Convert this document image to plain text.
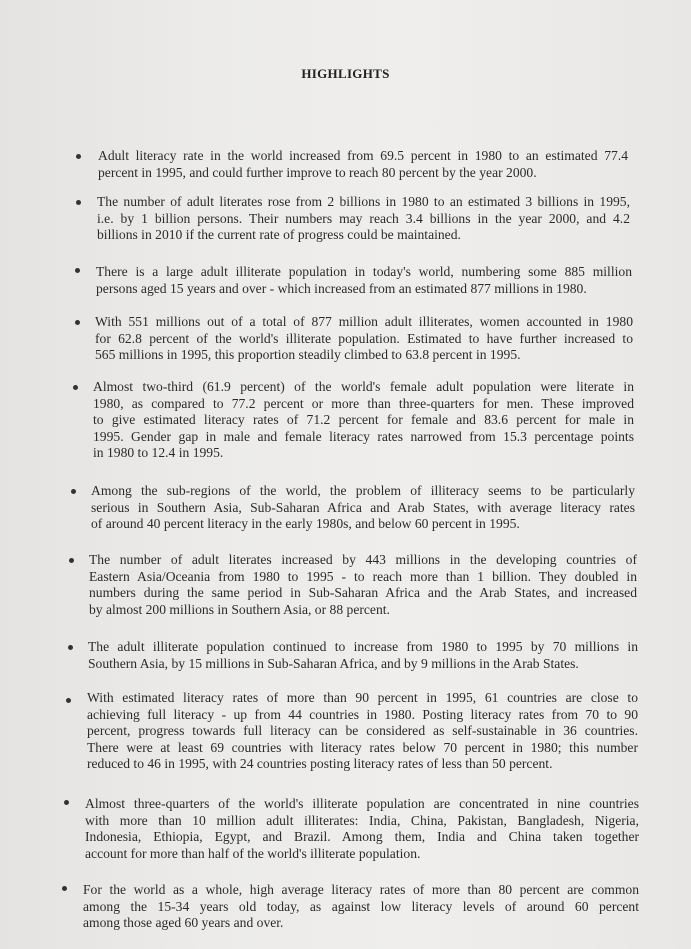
HIGHLIGHTS
Adult literacy rate in the world increased from 69.5 percent in 1980 to an estimated 77.4
percent in 1995, and could further improve to reach 80 percent by the year 2000.
The number of adult literates rose from 2 billions in 1980 to an estimated 3 billions in 1995,
i.e. by 1 billion persons. Their numbers may reach 3.4 billions in the year 2000, and 4.2
billions in 2010 if the current rate of progress could be maintained.
There is a large adult illiterate population in today's world, numbering some 885 million
persons aged 15 years and over - which increased from an estimated 877 millions in 1980.
With 551 millions out of a total of 877 million adult illiterates, women accounted in 1980
for 62.8 percent of the world's illiterate population. Estimated to have further increased to
565 millions in 1995, this proportion steadily climbed to 63.8 percent in 1995.
Almost two-third (61.9 percent) of the world's female adult population were literate in
1980, as compared to 77.2 percent or more than three-quarters for men. These improved
to give estimated literacy rates of 71.2 percent for female and 83.6 percent for male in
1995. Gender gap in male and female literacy rates narrowed from 15.3 percentage points
in 1980 to 12.4 in 1995.
Among the sub-regions of the world, the problem of illiteracy seems to be particularly
serious in Southern Asia, Sub-Saharan Africa and Arab States, with average literacy rates
of around 40 percent literacy in the early 1980s, and below 60 percent in 1995.
The number of adult literates increased by 443 millions in the developing countries of
Eastern Asia/Oceania from 1980 to 1995 - to reach more than 1 billion. They doubled in
numbers during the same period in Sub-Saharan Africa and the Arab States, and increased
by almost 200 millions in Southern Asia, or 88 percent.
The adult illiterate population continued to increase from 1980 to 1995 by 70 millions in
Southern Asia, by 15 millions in Sub-Saharan Africa, and by 9 millions in the Arab States.
With estimated literacy rates of more than 90 percent in 1995, 61 countries are close to
achieving full literacy - up from 44 countries in 1980. Posting literacy rates from 70 to 90
percent, progress towards full literacy can be considered as self-sustainable in 36 countries.
There were at least 69 countries with literacy rates below 70 percent in 1980; this number
reduced to 46 in 1995, with 24 countries posting literacy rates of less than 50 percent.
Almost three-quarters of the world's illiterate population are concentrated in nine countries
with more than 10 million adult illiterates: India, China, Pakistan, Bangladesh, Nigeria,
Indonesia, Ethiopia, Egypt, and Brazil. Among them, India and China taken together
account for more than half of the world's illiterate population.
For the world as a whole, high average literacy rates of more than 80 percent are common
among the 15-34 years old today, as against low literacy levels of around 60 percent
among those aged 60 years and over.
